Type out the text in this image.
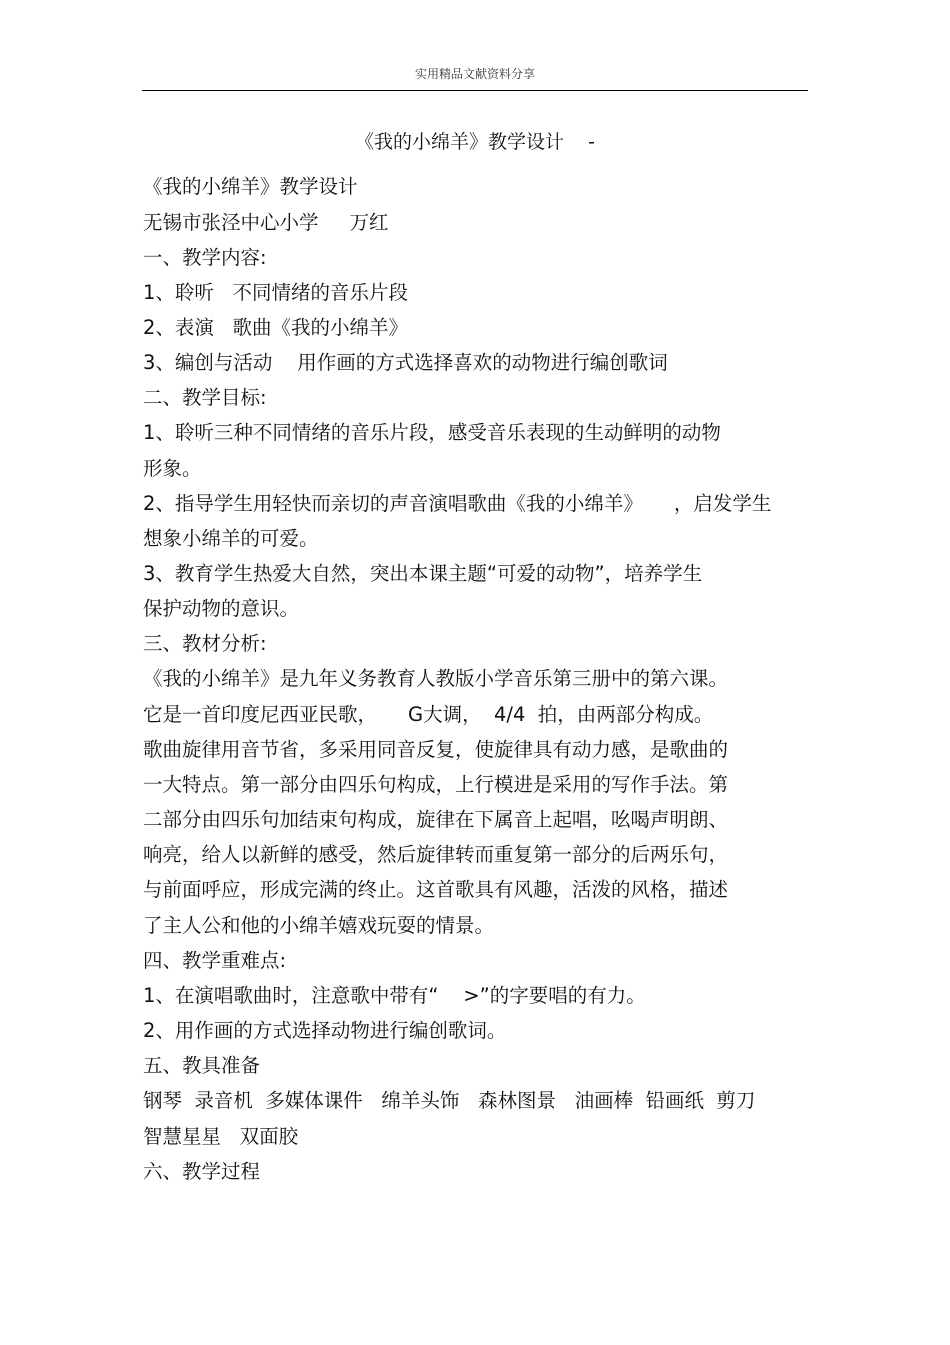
实用精品文献资料分享
《我的小绵羊》教学设计    -
《我的小绵羊》教学设计
无锡市张泾中心小学     万红
一、教学内容:
1、聆听   不同情绪的音乐片段
2、表演   歌曲《我的小绵羊》
3、编创与活动    用作画的方式选择喜欢的动物进行编创歌词
二、教学目标:
1、聆听三种不同情绪的音乐片段，感受音乐表现的生动鲜明的动物
形象。
2、指导学生用轻快而亲切的声音演唱歌曲《我的小绵羊》     ，启发学生
想象小绵羊的可爱。
3、教育学生热爱大自然，突出本课主题“可爱的动物”，培养学生
保护动物的意识。
三、教材分析:
《我的小绵羊》是九年义务教育人教版小学音乐第三册中的第六课。
它是一首印度尼西亚民歌，     G大调，  4/4  拍，由两部分构成。
歌曲旋律用音节省，多采用同音反复，使旋律具有动力感，是歌曲的
一大特点。第一部分由四乐句构成，上行模进是采用的写作手法。第
二部分由四乐句加结束句构成，旋律在下属音上起唱，吆喝声明朗、
响亮，给人以新鲜的感受，然后旋律转而重复第一部分的后两乐句，
与前面呼应，形成完满的终止。这首歌具有风趣，活泼的风格，描述
了主人公和他的小绵羊嬉戏玩耍的情景。
四、教学重难点:
1、在演唱歌曲时，注意歌中带有“    >”的字要唱的有力。
2、用作画的方式选择动物进行编创歌词。
五、教具准备
钢琴  录音机  多媒体课件   绵羊头饰   森林图景   油画棒  铅画纸  剪刀
智慧星星   双面胶
六、教学过程
